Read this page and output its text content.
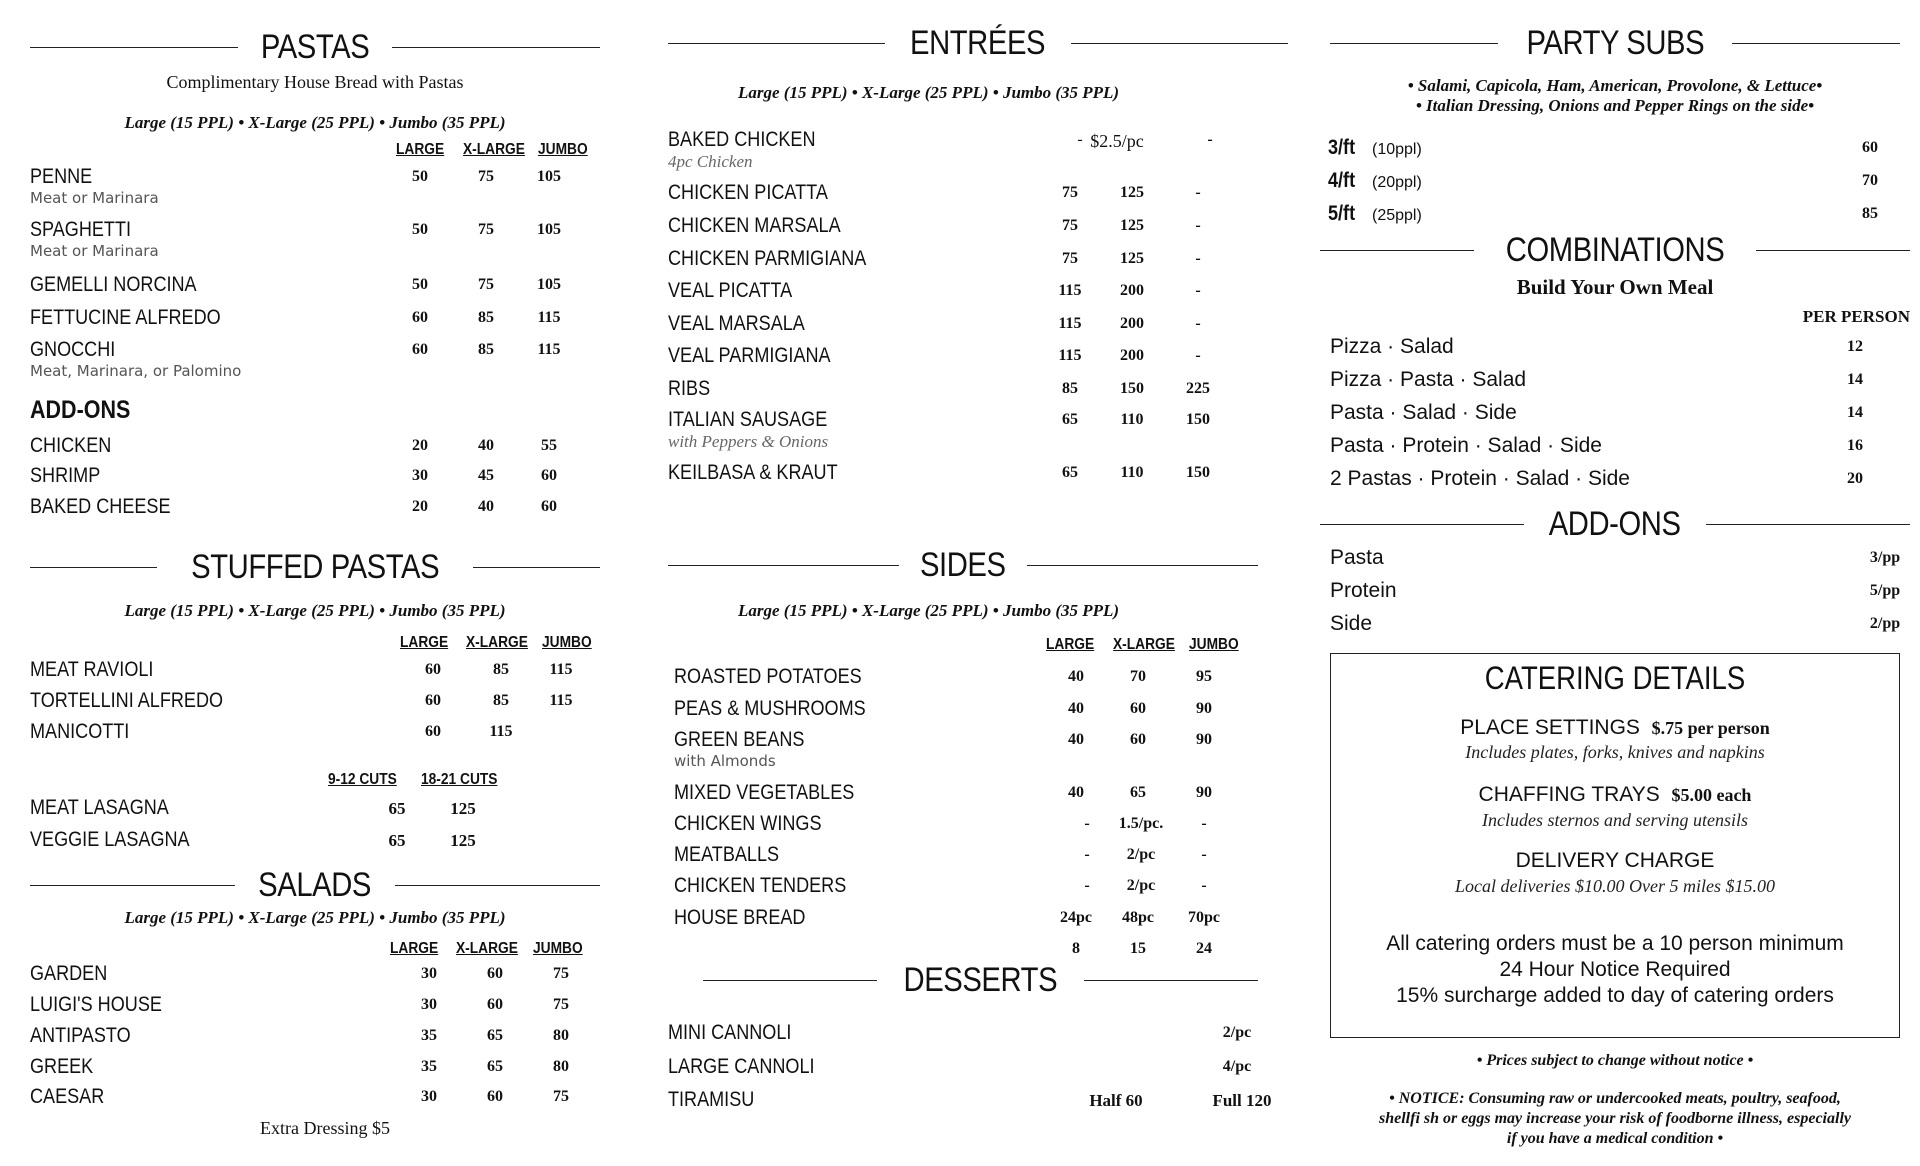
PASTAS
Complimentary House Bread with Pastas
Large (15 PPL) • X-Large (25 PPL) • Jumbo (35 PPL)
LARGE X-LARGE JUMBO
PENNE
Meat or Marinara
50	75	105
SPAGHETTI
Meat or Marinara
50	75	105
GEMELLI NORCINA	50	75	105
FETTUCINE ALFREDO	60	85	115
GNOCCHI
Meat, Marinara, or Palomino
60	85	115
ADD-ONS
CHICKEN	20	40	55
SHRIMP	30	45	60
BAKED CHEESE	20	40	60
STUFFED PASTAS
Large (15 PPL) • X-Large (25 PPL) • Jumbo (35 PPL)
LARGE X-LARGE JUMBO
MEAT RAVIOLI	60	85	115
TORTELLINI ALFREDO	60	85	115
MANICOTTI	60	115
9-12 CUTS 18-21 CUTS
MEAT LASAGNA	65	125
VEGGIE LASAGNA	65	125
SALADS
Large (15 PPL) • X-Large (25 PPL) • Jumbo (35 PPL)
LARGE X-LARGE JUMBO
GARDEN	30	60	75
LUIGI'S HOUSE	30	60	75
ANTIPASTO	35	65	80
GREEK	35	65	80
CAESAR	30	60	75
Extra Dressing $5
ENTRÉES
Large (15 PPL) • X-Large (25 PPL) • Jumbo (35 PPL)
BAKED CHICKEN
4pc Chicken
- $2.5/pc	-
CHICKEN PICATTA	75	125	-
CHICKEN MARSALA	75	125	-
CHICKEN PARMIGIANA	75	125	-
VEAL PICATTA	115	200	-
VEAL MARSALA	115	200	-
VEAL PARMIGIANA	115	200	-
RIBS	85	150	225
ITALIAN SAUSAGE
with Peppers & Onions
65	110	150
KEILBASA & KRAUT	65	110	150
SIDES
Large (15 PPL) • X-Large (25 PPL) • Jumbo (35 PPL)
LARGE X-LARGE JUMBO
ROASTED POTATOES	40	70	95
PEAS & MUSHROOMS	40	60	90
GREEN BEANS
with Almonds
40	60	90
MIXED VEGETABLES	40	65	90
CHICKEN WINGS	-	1.5/pc.	-
MEATBALLS	-	2/pc	-
CHICKEN TENDERS	-	2/pc	-
HOUSE BREAD	24pc	48pc	70pc
8	15	24
DESSERTS
MINI CANNOLI	2/pc
LARGE CANNOLI	4/pc
TIRAMISU	Half 60	Full 120
PARTY SUBS
• Salami, Capicola, Ham, American, Provolone, & Lettuce•
• Italian Dressing, Onions and Pepper Rings on the side•
3/ft (10ppl)	60
4/ft (20ppl)	70
5/ft (25ppl)	85
COMBINATIONS
Build Your Own Meal
PER PERSON
Pizza · Salad	12
Pizza · Pasta · Salad	14
Pasta · Salad · Side	14
Pasta · Protein · Salad · Side	16
2 Pastas · Protein · Salad · Side	20
ADD-ONS
Pasta	3/pp
Protein	5/pp
Side	2/pp
CATERING DETAILS
PLACE SETTINGS $.75 per person
Includes plates, forks, knives and napkins
CHAFFING TRAYS $5.00 each
Includes sternos and serving utensils
DELIVERY CHARGE
Local deliveries $10.00 Over 5 miles $15.00
All catering orders must be a 10 person minimum
24 Hour Notice Required
15% surcharge added to day of catering orders
• Prices subject to change without notice •
• NOTICE: Consuming raw or undercooked meats, poultry, seafood,
shellfi sh or eggs may increase your risk of foodborne illness, especially
if you have a medical condition •
